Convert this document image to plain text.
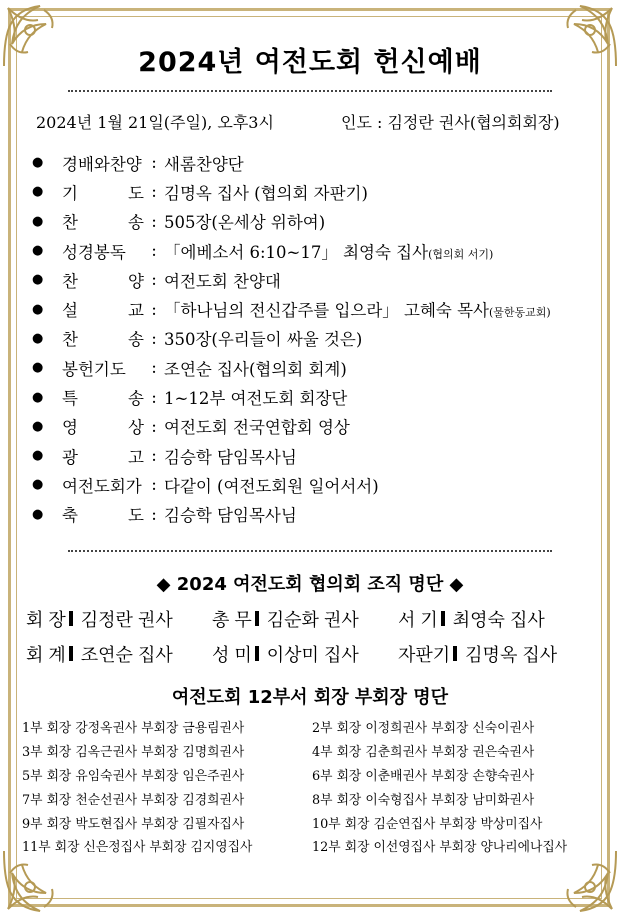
2024년 여전도회 헌신예배
2024년 1월 21일(주일), 오후3시	인도 : 김정란 권사(협의회회장)
●	경배와찬양 : 새롬찬양단
●	기	도 : 김명옥 집사 (협의회 자판기)
●	찬	송 : 505장(온세상 위하여)
●	성경봉독	: 「에베소서 6:10~17」 최영숙 집사(협의회 서기)
●	찬	양 : 여전도회 찬양대
●	설	교 : 「하나님의 전신갑주를 입으라」 고혜숙 목사(물한동교회)
●	찬	송 : 350장(우리들이 싸울 것은)
●	봉헌기도	: 조연순 집사(협의회 회계)
●	특	송 : 1~12부 여전도회 회장단
●	영	상 : 여전도회 전국연합회 영상
●	광	고 : 김승학 담임목사님
●	여전도회가 : 다같이 (여전도회원 일어서서)
●	축	도 : 김승학 담임목사님
◆ 2024 여전도회 협의회 조직 명단 ◆
회 장 김정란 권사 총 무 김순화 권사 서 기 최영숙 집사
회 계 조연순 집사 성 미 이상미 집사 자판기 김명옥 집사
여전도회 12부서 회장 부회장 명단
1부 회장 강정옥권사 부회장 금용림권사	2부 회장 이정희권사 부회장 신숙이권사
3부 회장 김옥근권사 부회장 김명희권사	4부 회장 김춘희권사 부회장 권은숙권사
5부 회장 유임숙권사 부회장 임은주권사	6부 회장 이춘배권사 부회장 손향숙권사
7부 회장 천순선권사 부회장 김경희권사	8부 회장 이숙형집사 부회장 남미화권사
9부 회장 박도현집사 부회장 김필자집사	10부 회장 김순연집사 부회장 박상미집사
11부 회장 신은정집사 부회장 김지영집사	12부 회장 이선영집사 부회장 양나리에나집사
